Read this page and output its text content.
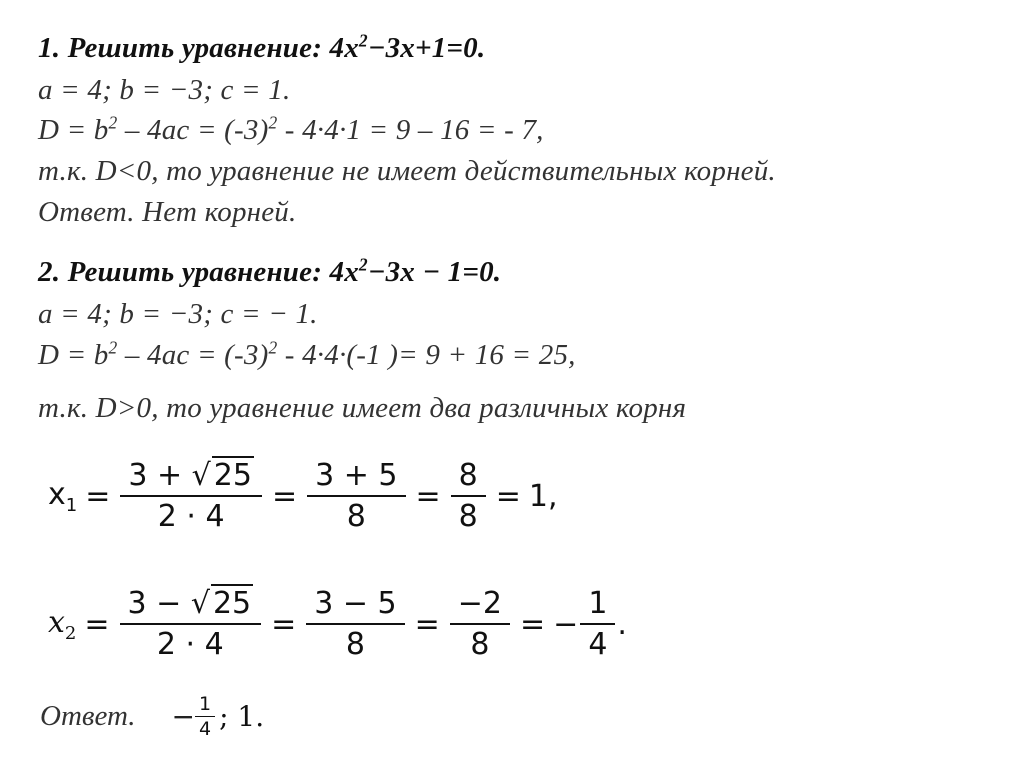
1. Решить уравнение: $4x^2-3x+1=0$.
a = 4; b = −3; c = 1.
$D = b^2 - 4ac = (-3)^2 - 4\cdot 4\cdot 1 = 9 - 16$ = - 7,
т.к. D<0, то уравнение не имеет действительных корней.
Ответ. Нет корней.
2. Решить уравнение: $4x^2-3x - 1=0$.
a = 4; b = −3; c = − 1.
$D = b^2 - 4ac = (-3)^2 - 4\cdot 4\cdot(-1$ )= 9 + 16 = 25,
т.к. D>0, то уравнение имеет два различных корня
$x_1 = \frac{3 + √ 25}{2 \cdot 4} = \frac{3 + 5}{8} = \frac{8}{8} = 1$,
$x_2 = \frac{3 - √ 25}{2 \cdot 4} = \frac{3 - 5}{8} = \frac{-2}{8}$ = − $\frac{1}{4}$ .
Ответ. − $\frac{1}{4}$ ; 1.
